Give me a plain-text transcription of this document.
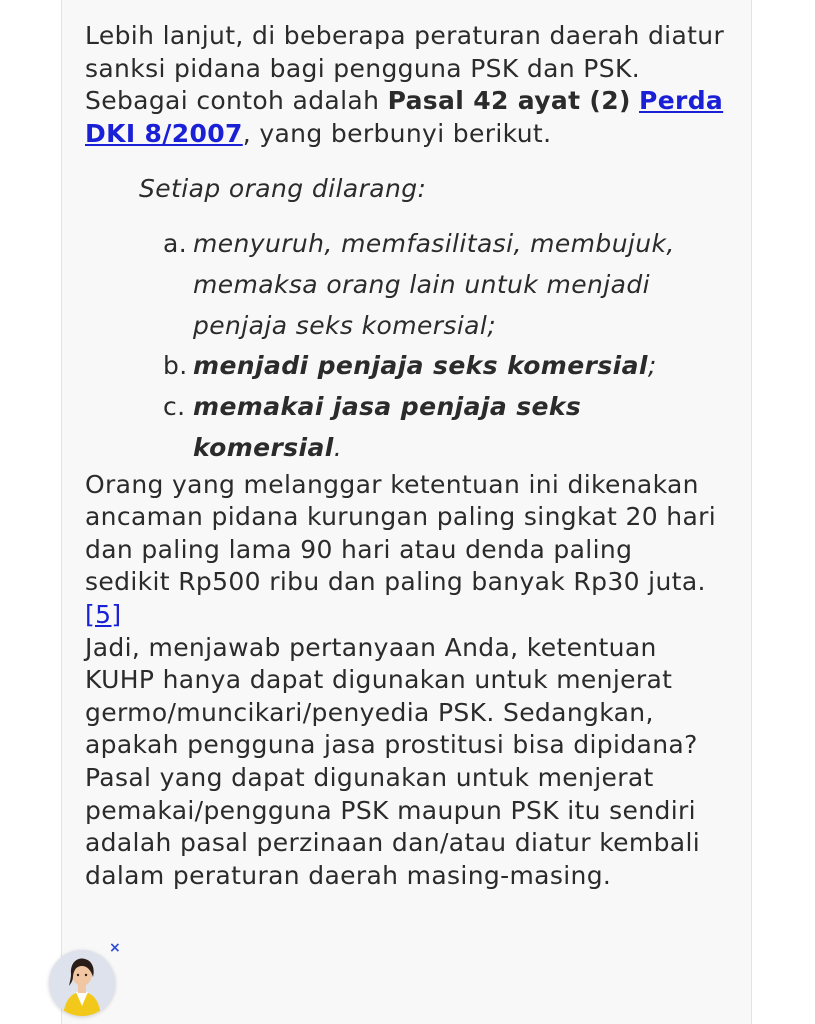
Lebih lanjut, di beberapa peraturan daerah diatur sanksi pidana bagi pengguna PSK dan PSK. Sebagai contoh adalah Pasal 42 ayat (2) Perda DKI 8/2007, yang berbunyi berikut.

Setiap orang dilarang:
a. menyuruh, memfasilitasi, membujuk, memaksa orang lain untuk menjadi penjaja seks komersial;
b. menjadi penjaja seks komersial;
c. memakai jasa penjaja seks komersial.

Orang yang melanggar ketentuan ini dikenakan ancaman pidana kurungan paling singkat 20 hari dan paling lama 90 hari atau denda paling sedikit Rp500 ribu dan paling banyak Rp30 juta.[5]

Jadi, menjawab pertanyaan Anda, ketentuan KUHP hanya dapat digunakan untuk menjerat germo/muncikari/penyedia PSK. Sedangkan, apakah pengguna jasa prostitusi bisa dipidana? Pasal yang dapat digunakan untuk menjerat pemakai/pengguna PSK maupun PSK itu sendiri adalah pasal perzinaan dan/atau diatur kembali dalam peraturan daerah masing-masing.

×
